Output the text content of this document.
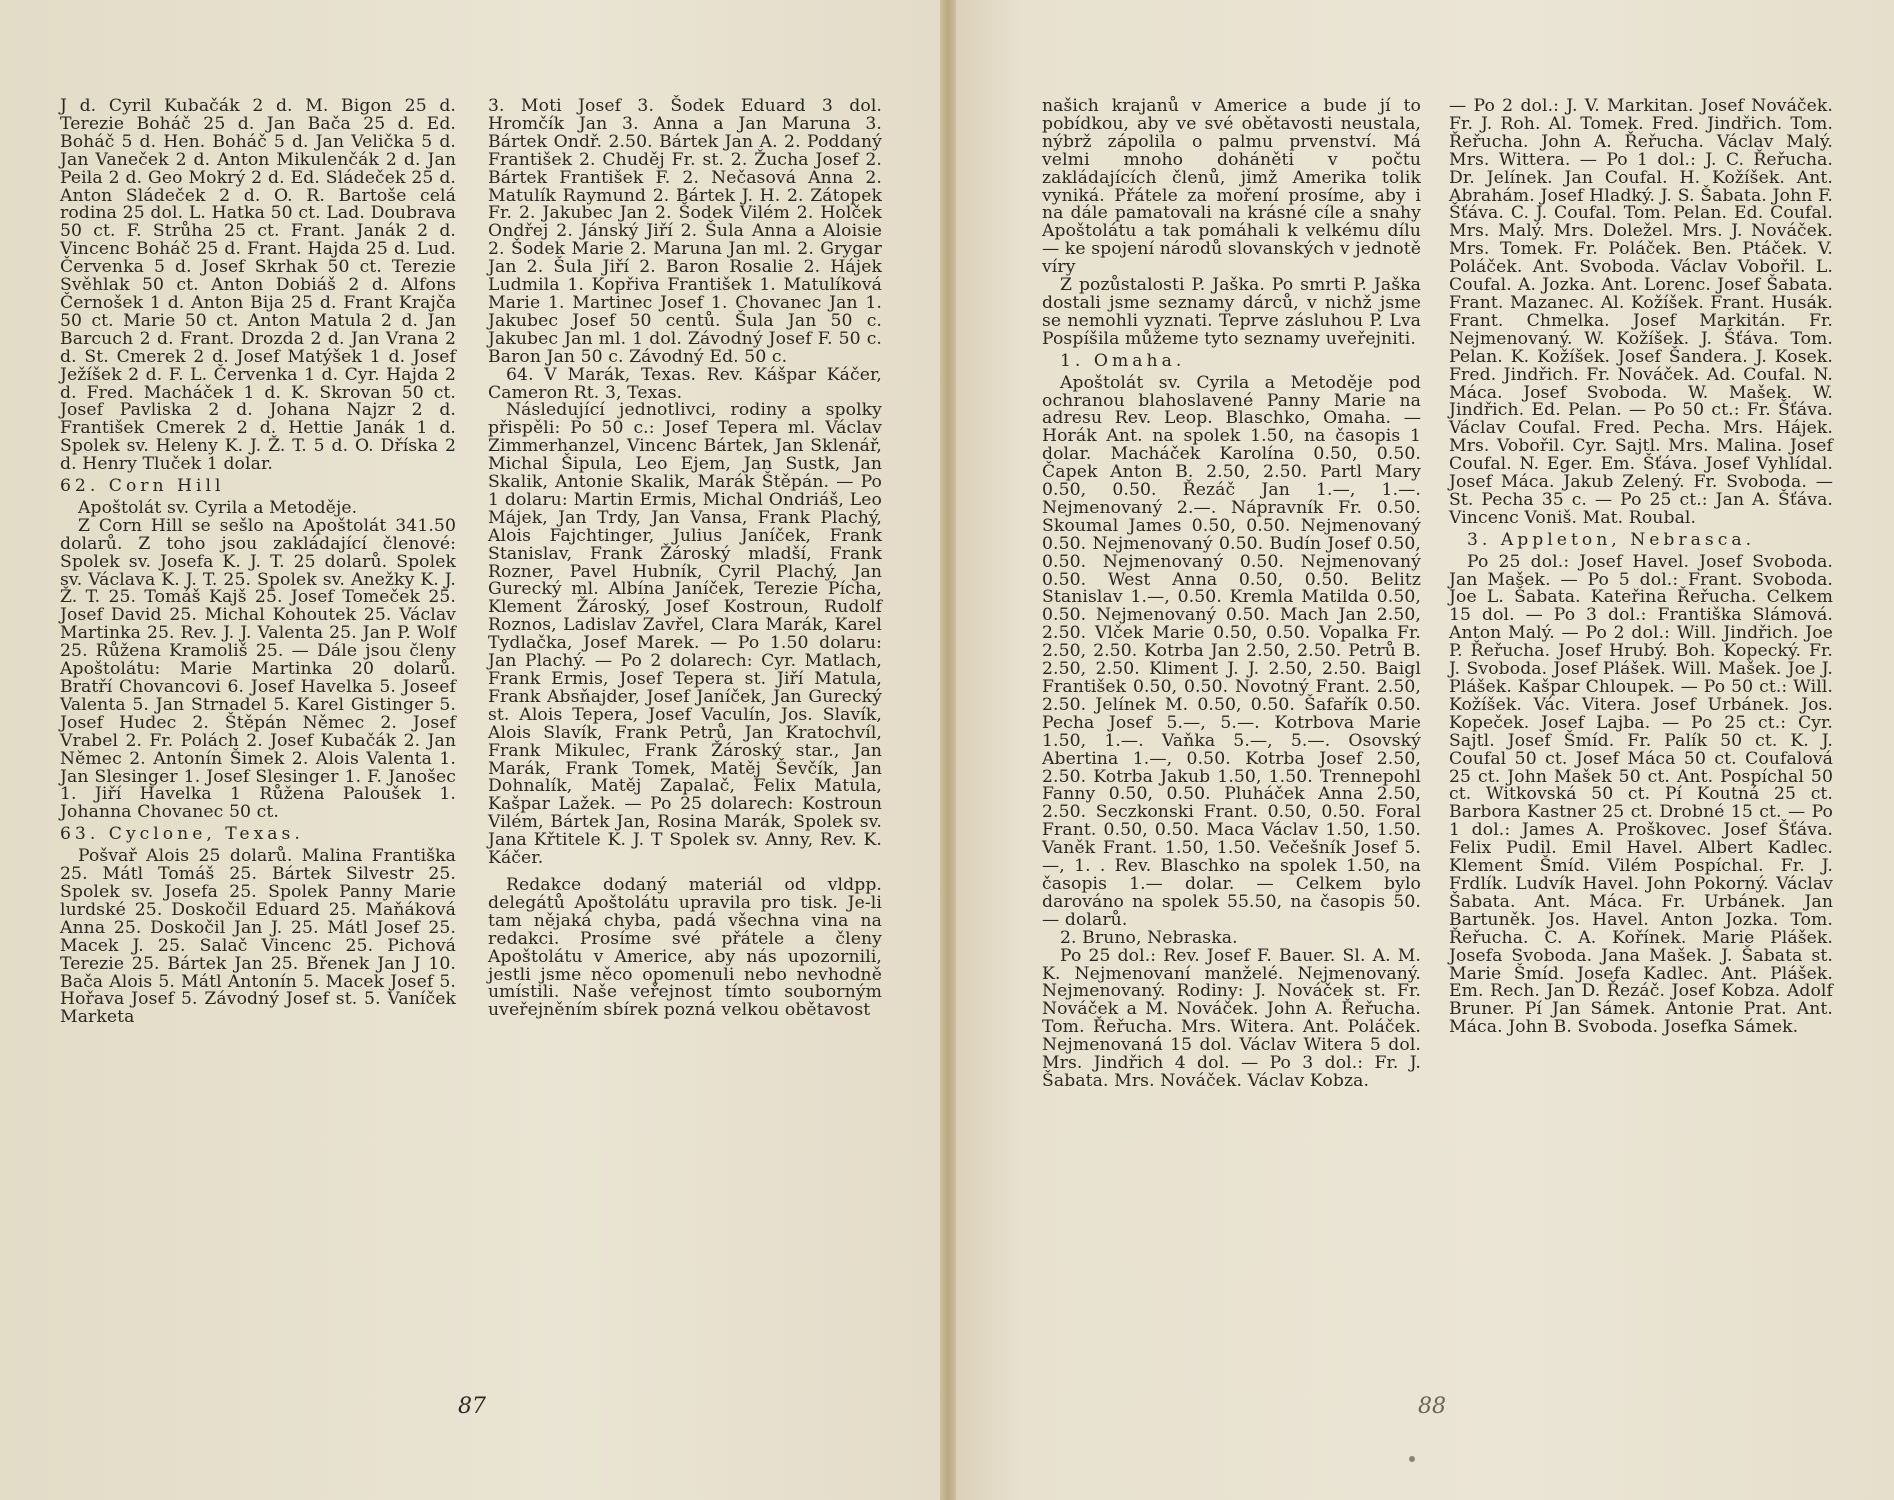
J d. Cyril Kubačák 2 d. M. Bigon 25 d. Terezie Boháč 25 d. Jan Bača 25 d. Ed. Boháč 5 d. Hen. Boháč 5 d. Jan Velička 5 d. Jan Vaneček 2 d. Anton Mikulenčák 2 d. Jan Peila 2 d. Geo Mokrý 2 d. Ed. Sládeček 25 d. Anton Sládeček 2 d. O. R. Bartoše celá rodina 25 dol. L. Hatka 50 ct. Lad. Doubrava 50 ct. F. Strůha 25 ct. Frant. Janák 2 d. Vincenc Boháč 25 d. Frant. Hajda 25 d. Lud. Červenka 5 d. Josef Skrhak 50 ct. Terezie Svěhlak 50 ct. Anton Dobiáš 2 d. Alfons Černošek 1 d. Anton Bija 25 d. Frant Krajča 50 ct. Marie 50 ct. Anton Matula 2 d. Jan Barcuch 2 d. Frant. Drozda 2 d. Jan Vrana 2 d. St. Cmerek 2 d. Josef Matýšek 1 d. Josef Ježíšek 2 d. F. L. Červenka 1 d. Cyr. Hajda 2 d. Fred. Macháček 1 d. K. Skrovan 50 ct. Josef Pavliska 2 d. Johana Najzr 2 d. František Cmerek 2 d. Hettie Janák 1 d. Spolek sv. Heleny K. J. Ž. T. 5 d. O. Dříska 2 d. Henry Tluček 1 dolar.

62. Corn Hill

Apoštolát sv. Cyrila a Metoděje.

Z Corn Hill se sešlo na Apoštolát 341.50 dolarů. Z toho jsou zakládající členové: Spolek sv. Josefa K. J. T. 25 dolarů. Spolek sv. Václava K. J. T. 25. Spolek sv. Anežky K. J. Ž. T. 25. Tomáš Kajš 25. Josef Tomeček 25. Josef David 25. Michal Kohoutek 25. Václav Martinka 25. Rev. J. J. Valenta 25. Jan P. Wolf 25. Růžena Kramoliš 25. — Dále jsou členy Apoštolátu: Marie Martinka 20 dolarů. Bratří Chovancovi 6. Josef Havelka 5. Joseef Valenta 5. Jan Strnadel 5. Karel Gistinger 5. Josef Hudec 2. Štěpán Němec 2. Josef Vrabel 2. Fr. Polách 2. Josef Kubačák 2. Jan Němec 2. Antonín Šimek 2. Alois Valenta 1. Jan Slesinger 1. Josef Slesinger 1. F. Janošec 1. Jiří Havelka 1 Růžena Paloušek 1. Johanna Chovanec 50 ct.

63. Cyclone, Texas.

Pošvař Alois 25 dolarů. Malina Františka 25. Mátl Tomáš 25. Bártek Silvestr 25. Spolek sv. Josefa 25. Spolek Panny Marie lurdské 25. Doskočil Eduard 25. Maňáková Anna 25. Doskočil Jan J. 25. Mátl Josef 25. Macek J. 25. Salač Vincenc 25. Pichová Terezie 25. Bártek Jan 25. Břenek Jan J 10. Bača Alois 5. Mátl Antonín 5. Macek Josef 5. Hořava Josef 5. Závodný Josef st. 5. Vaníček Marketa

3. Moti Josef 3. Šodek Eduard 3 dol. Hromčík Jan 3. Anna a Jan Maruna 3. Bártek Ondř. 2.50. Bártek Jan A. 2. Poddaný František 2. Chuděj Fr. st. 2. Žucha Josef 2. Bártek František F. 2. Nečasová Anna 2. Matulík Raymund 2. Bártek J. H. 2. Zátopek Fr. 2. Jakubec Jan 2. Šodek Vilém 2. Holček Ondřej 2. Jánský Jiří 2. Šula Anna a Aloisie 2. Šodek Marie 2. Maruna Jan ml. 2. Grygar Jan 2. Šula Jiří 2. Baron Rosalie 2. Hájek Ludmila 1. Kopřiva František 1. Matulíková Marie 1. Martinec Josef 1. Chovanec Jan 1. Jakubec Josef 50 centů. Šula Jan 50 c. Jakubec Jan ml. 1 dol. Závodný Josef F. 50 c. Baron Jan 50 c. Závodný Ed. 50 c.

64. V Marák, Texas. Rev. Kášpar Káčer, Cameron Rt. 3, Texas.

Následující jednotlivci, rodiny a spolky přispěli: Po 50 c.: Josef Tepera ml. Václav Zimmerhanzel, Vincenc Bártek, Jan Sklenář, Michal Šipula, Leo Ejem, Jan Sustk, Jan Skalik, Antonie Skalik, Marák Štěpán. — Po 1 dolaru: Martin Ermis, Michal Ondriáš, Leo Májek, Jan Trdy, Jan Vansa, Frank Plachý, Alois Fajchtinger, Julius Janíček, Frank Stanislav, Frank Žároský mladší, Frank Rozner, Pavel Hubník, Cyril Plachý, Jan Gurecký ml. Albína Janíček, Terezie Pícha, Klement Žároský, Josef Kostroun, Rudolf Roznos, Ladislav Zavřel, Clara Marák, Karel Tydlačka, Josef Marek. — Po 1.50 dolaru: Jan Plachý. — Po 2 dolarech: Cyr. Matlach, Frank Ermis, Josef Tepera st. Jiří Matula, Frank Absňajder, Josef Janíček, Jan Gurecký st. Alois Tepera, Josef Vaculín, Jos. Slavík, Alois Slavík, Frank Petrů, Jan Kratochvíl, Frank Mikulec, Frank Žároský star., Jan Marák, Frank Tomek, Matěj Ševčík, Jan Dohnalík, Matěj Zapalač, Felix Matula, Kašpar Lažek. — Po 25 dolarech: Kostroun Vilém, Bártek Jan, Rosina Marák, Spolek sv. Jana Křtitele K. J. T Spolek sv. Anny, Rev. K. Káčer.

Redakce dodaný materiál od vldpp. delegátů Apoštolátu upravila pro tisk. Je-li tam nějaká chyba, padá všechna vina na redakci. Prosíme své přátele a členy Apoštolátu v Americe, aby nás upozornili, jestli jsme něco opomenuli nebo nevhodně umístili. Naše veřejnost tímto souborným uveřejněním sbírek pozná velkou obětavost

87

našich krajanů v Americe a bude jí to pobídkou, aby ve své obětavosti neustala, nýbrž zápolila o palmu prvenství. Má velmi mnoho doháněti v počtu zakládajících členů, jimž Amerika tolik vyniká. Přátele za moření prosíme, aby i na dále pamatovali na krásné cíle a snahy Apoštolátu a tak pomáhali k velkému dílu — ke spojení národů slovanských v jednotě víry

Z pozůstalosti P. Jaška. Po smrti P. Jaška dostali jsme seznamy dárců, v nichž jsme se nemohli vyznati. Teprve zásluhou P. Lva Pospíšila můžeme tyto seznamy uveřejniti.

1. Omaha.

Apoštolát sv. Cyrila a Metoděje pod ochranou blahoslavené Panny Marie na adresu Rev. Leop. Blaschko, Omaha. — Horák Ant. na spolek 1.50, na časopis 1 dolar. Macháček Karolína 0.50, 0.50. Čapek Anton B. 2.50, 2.50. Partl Mary 0.50, 0.50. Řezáč Jan 1.—, 1.—. Nejmenovaný 2.—. Nápravník Fr. 0.50. Skoumal James 0.50, 0.50. Nejmenovaný 0.50. Nejmenovaný 0.50. Budín Josef 0.50, 0.50. Nejmenovaný 0.50. Nejmenovaný 0.50. West Anna 0.50, 0.50. Belitz Stanislav 1.—, 0.50. Kremla Matilda 0.50, 0.50. Nejmenovaný 0.50. Mach Jan 2.50, 2.50. Vlček Marie 0.50, 0.50. Vopalka Fr. 2.50, 2.50. Kotrba Jan 2.50, 2.50. Petrů B. 2.50, 2.50. Kliment J. J. 2.50, 2.50. Baigl František 0.50, 0.50. Novotný Frant. 2.50, 2.50. Jelínek M. 0.50, 0.50. Šafařík 0.50. Pecha Josef 5.—, 5.—. Kotrbova Marie 1.50, 1.—. Vaňka 5.—, 5.—. Osovský Abertina 1.—, 0.50. Kotrba Josef 2.50, 2.50. Kotrba Jakub 1.50, 1.50. Trennepohl Fanny 0.50, 0.50. Pluháček Anna 2.50, 2.50. Seczkonski Frant. 0.50, 0.50. Foral Frant. 0.50, 0.50. Maca Václav 1.50, 1.50. Vaněk Frant. 1.50, 1.50. Večešník Josef 5.—, 1. . Rev. Blaschko na spolek 1.50, na časopis 1.— dolar. — Celkem bylo darováno na spolek 55.50, na časopis 50.— dolarů.

2. Bruno, Nebraska.

Po 25 dol.: Rev. Josef F. Bauer. Sl. A. M. K. Nejmenovaní manželé. Nejmenovaný. Nejmenovaný. Rodiny: J. Nováček st. Fr. Nováček a M. Nováček. John A. Řeřucha. Tom. Řeřucha. Mrs. Witera. Ant. Poláček. Nejmenovaná 15 dol. Václav Witera 5 dol. Mrs. Jindřich 4 dol. — Po 3 dol.: Fr. J. Šabata. Mrs. Nováček. Václav Kobza.

— Po 2 dol.: J. V. Markitan. Josef Nováček. Fr. J. Roh. Al. Tomek. Fred. Jindřich. Tom. Řeřucha. John A. Řeřucha. Václav Malý. Mrs. Wittera. — Po 1 dol.: J. C. Řeřucha. Dr. Jelínek. Jan Coufal. H. Kožíšek. Ant. Abrahám. Josef Hladký. J. S. Šabata. John F. Šťáva. C. J. Coufal. Tom. Pelan. Ed. Coufal. Mrs. Malý. Mrs. Doležel. Mrs. J. Nováček. Mrs. Tomek. Fr. Poláček. Ben. Ptáček. V. Poláček. Ant. Svoboda. Václav Vobořil. L. Coufal. A. Jozka. Ant. Lorenc. Josef Šabata. Frant. Mazanec. Al. Kožíšek. Frant. Husák. Frant. Chmelka. Josef Markitán. Fr. Nejmenovaný. W. Kožíšek. J. Šťáva. Tom. Pelan. K. Kožíšek. Josef Šandera. J. Kosek. Fred. Jindřich. Fr. Nováček. Ad. Coufal. N. Máca. Josef Svoboda. W. Mašek. W. Jindřich. Ed. Pelan. — Po 50 ct.: Fr. Šťáva. Václav Coufal. Fred. Pecha. Mrs. Hájek. Mrs. Vobořil. Cyr. Sajtl. Mrs. Malina. Josef Coufal. N. Eger. Em. Šťáva. Josef Vyhlídal. Josef Máca. Jakub Zelený. Fr. Svoboda. — St. Pecha 35 c. — Po 25 ct.: Jan A. Šťáva. Vincenc Voniš. Mat. Roubal.

3. Appleton, Nebrasca.

Po 25 dol.: Josef Havel. Josef Svoboda. Jan Mašek. — Po 5 dol.: Frant. Svoboda. Joe L. Šabata. Kateřina Řeřucha. Celkem 15 dol. — Po 3 dol.: Františka Slámová. Anton Malý. — Po 2 dol.: Will. Jindřich. Joe P. Řeřucha. Josef Hrubý. Boh. Kopecký. Fr. J. Svoboda. Josef Plášek. Will. Mašek. Joe J. Plášek. Kašpar Chloupek. — Po 50 ct.: Will. Kožíšek. Vác. Vitera. Josef Urbánek. Jos. Kopeček. Josef Lajba. — Po 25 ct.: Cyr. Sajtl. Josef Šmíd. Fr. Palík 50 ct. K. J. Coufal 50 ct. Josef Máca 50 ct. Coufalová 25 ct. John Mašek 50 ct. Ant. Pospíchal 50 ct. Witkovská 50 ct. Pí Koutná 25 ct. Barbora Kastner 25 ct. Drobné 15 ct. — Po 1 dol.: James A. Proškovec. Josef Šťáva. Felix Pudil. Emil Havel. Albert Kadlec. Klement Šmíd. Vilém Pospíchal. Fr. J. Frdlík. Ludvík Havel. John Pokorný. Václav Šabata. Ant. Máca. Fr. Urbánek. Jan Bartuněk. Jos. Havel. Anton Jozka. Tom. Řeřucha. C. A. Kořínek. Marie Plášek. Josefa Svoboda. Jana Mašek. J. Šabata st. Marie Šmíd. Josefa Kadlec. Ant. Plášek. Em. Rech. Jan D. Řezáč. Josef Kobza. Adolf Bruner. Pí Jan Sámek. Antonie Prat. Ant. Máca. John B. Svoboda. Josefka Sámek.

88
